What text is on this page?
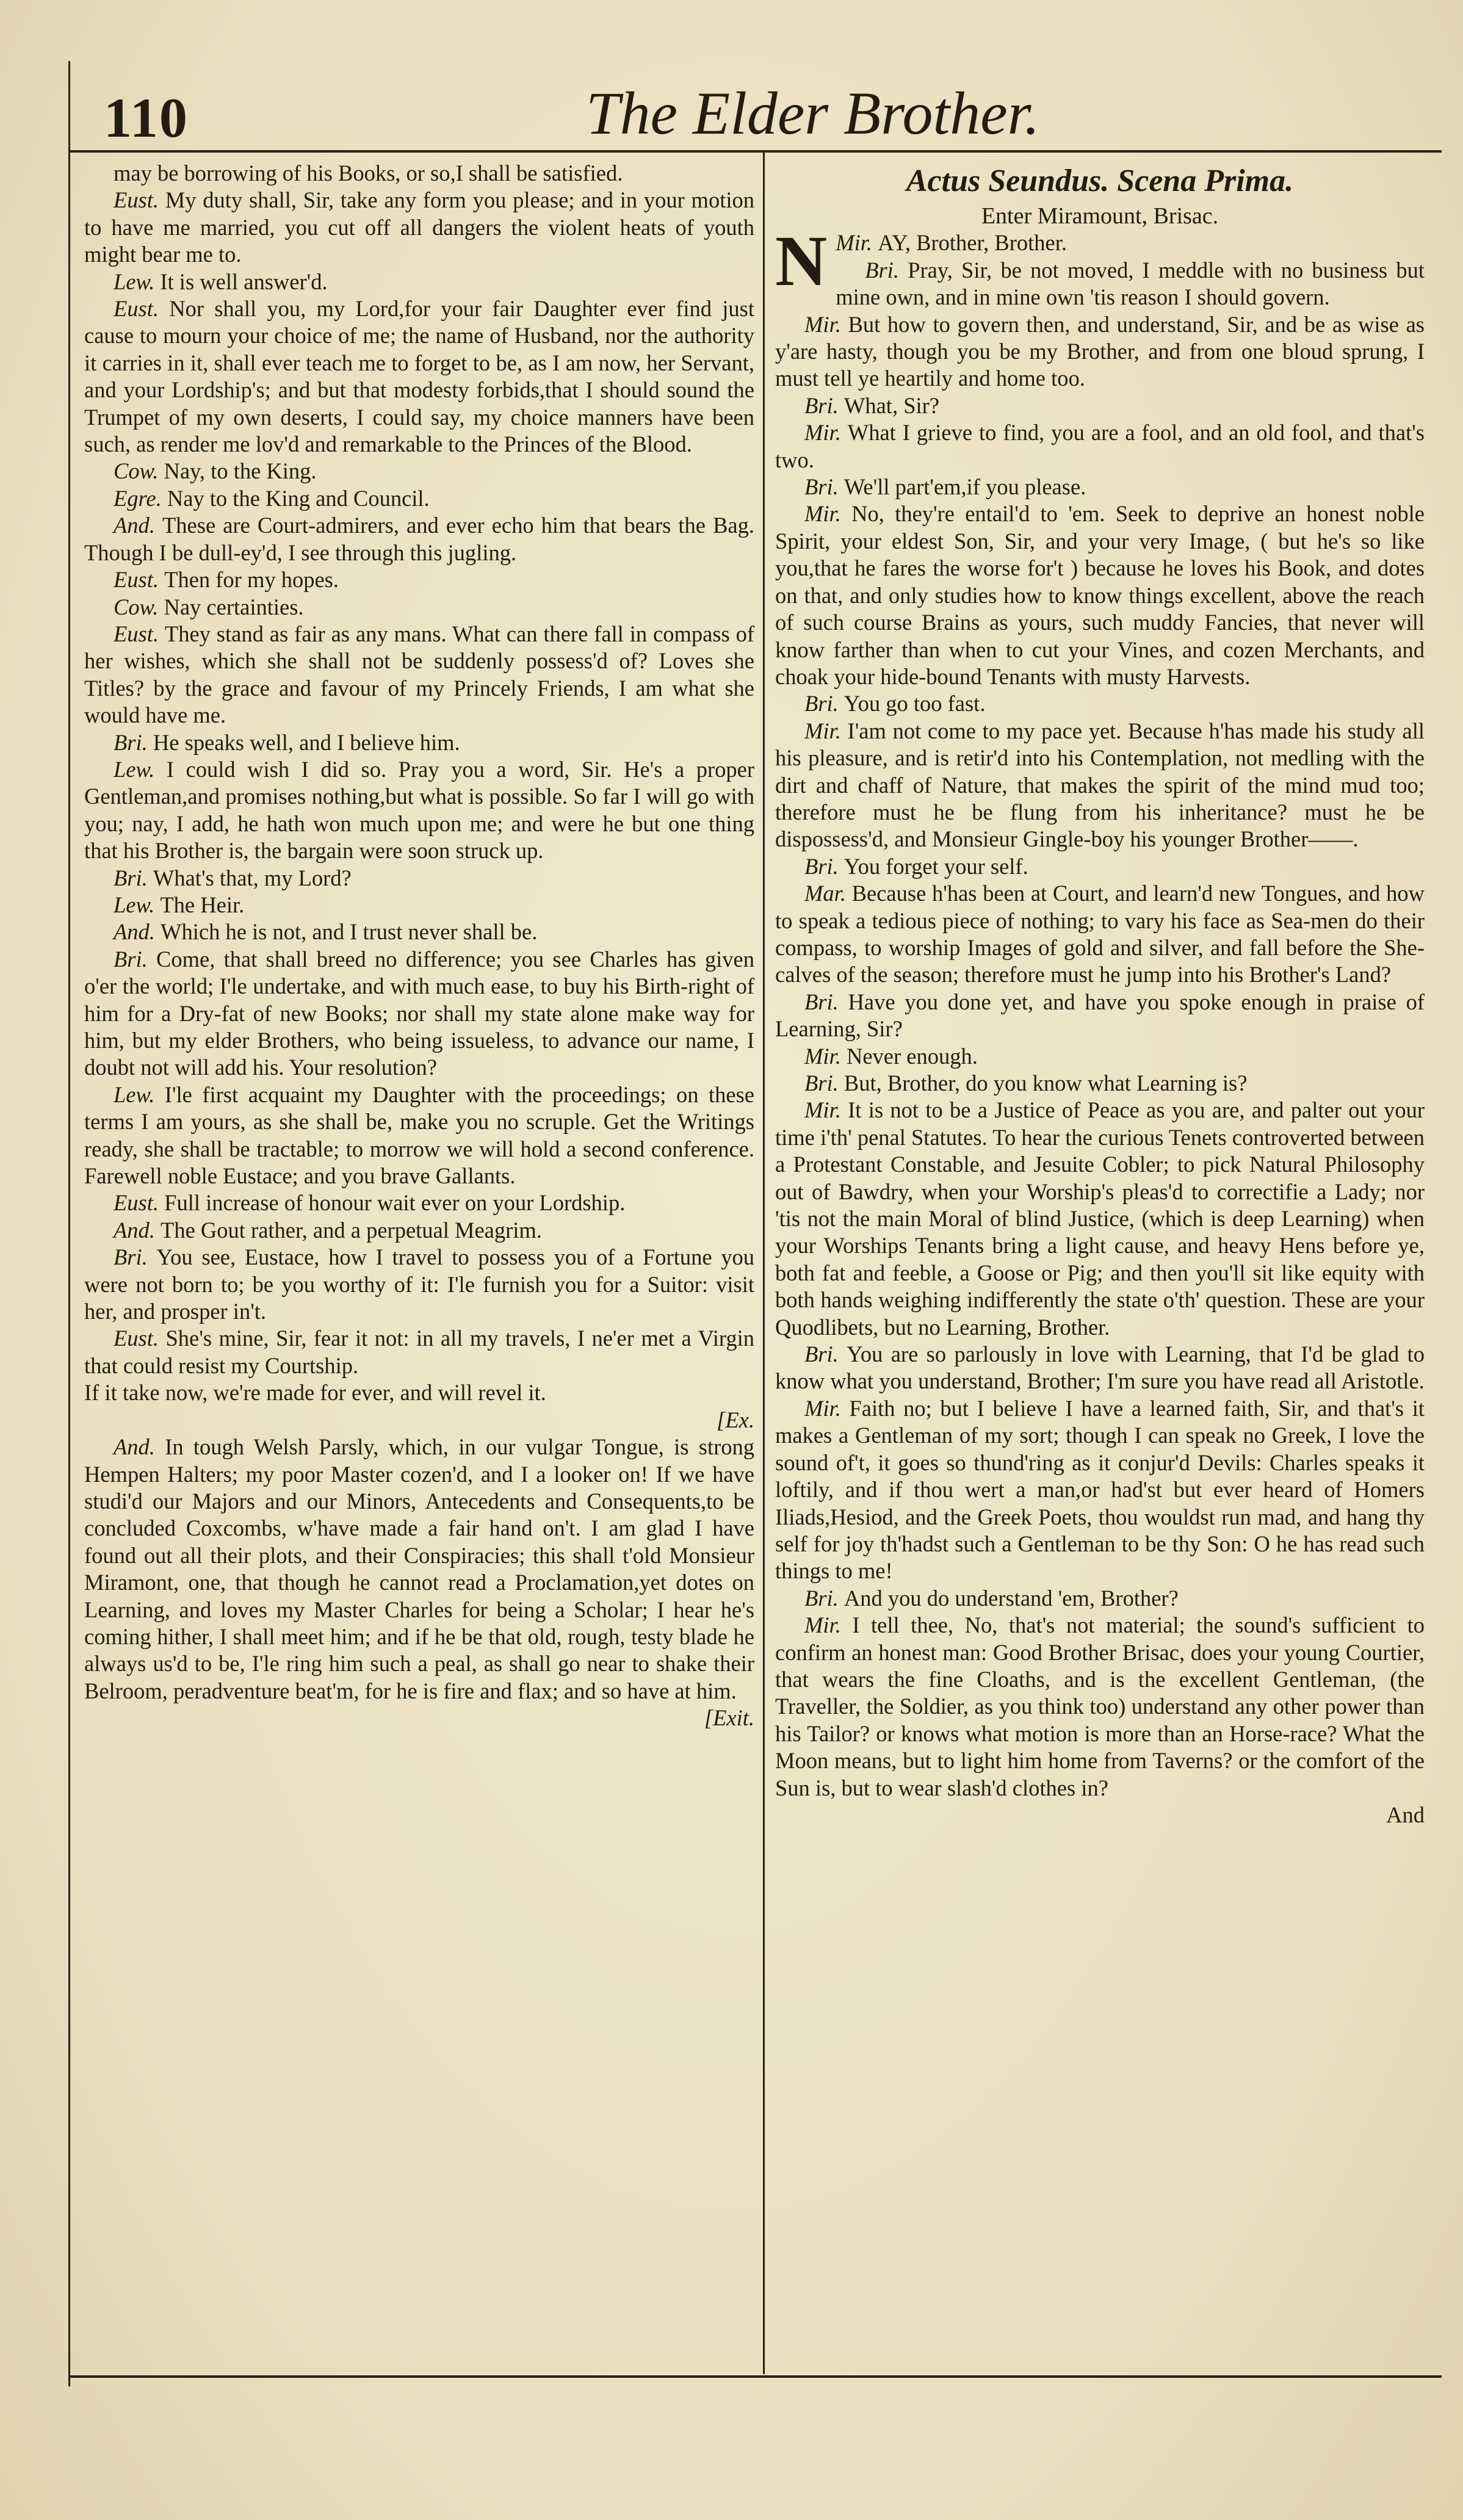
110	The Elder Brother.

may be borrowing of his Books, or so,I shall be satisfied.

Eust. My duty shall, Sir, take any form you please; and in your motion to have me married, you cut off all dangers the violent heats of youth might bear me to.

Lew. It is well answer'd.

Eust. Nor shall you, my Lord,for your fair Daughter ever find just cause to mourn your choice of me; the name of Husband, nor the authority it carries in it, shall ever teach me to forget to be, as I am now, her Servant, and your Lordship's; and but that modesty forbids,that I should sound the Trumpet of my own deserts, I could say, my choice manners have been such, as render me lov'd and remarkable to the Princes of the Blood.

Cow. Nay, to the King.

Egre. Nay to the King and Council.

And. These are Court-admirers, and ever echo him that bears the Bag. Though I be dull-ey'd, I see through this jugling.

Eust. Then for my hopes.

Cow. Nay certainties.

Eust. They stand as fair as any mans. What can there fall in compass of her wishes, which she shall not be suddenly possess'd of? Loves she Titles? by the grace and favour of my Princely Friends, I am what she would have me.

Bri. He speaks well, and I believe him.

Lew. I could wish I did so. Pray you a word, Sir. He's a proper Gentleman,and promises nothing,but what is possible. So far I will go with you; nay, I add, he hath won much upon me; and were he but one thing that his Brother is, the bargain were soon struck up.

Bri. What's that, my Lord?

Lew. The Heir.

And. Which he is not, and I trust never shall be.

Bri. Come, that shall breed no difference; you see Charles has given o'er the world; I'le undertake, and with much ease, to buy his Birth-right of him for a Dry-fat of new Books; nor shall my state alone make way for him, but my elder Brothers, who being issueless, to advance our name, I doubt not will add his. Your resolution?

Lew. I'le first acquaint my Daughter with the proceedings; on these terms I am yours, as she shall be, make you no scruple. Get the Writings ready, she shall be tractable; to morrow we will hold a second conference. Farewell noble Eustace; and you brave Gallants.

Eust. Full increase of honour wait ever on your Lordship.

And. The Gout rather, and a perpetual Meagrim.

Bri. You see, Eustace, how I travel to possess you of a Fortune you were not born to; be you worthy of it: I'le furnish you for a Suitor: visit her, and prosper in't.

Eust. She's mine, Sir, fear it not: in all my travels, I ne'er met a Virgin that could resist my Courtship.

If it take now, we're made for ever, and will revel it.

[Ex.

And. In tough Welsh Parsly, which, in our vulgar Tongue, is strong Hempen Halters; my poor Master cozen'd, and I a looker on! If we have studi'd our Majors and our Minors, Antecedents and Consequents,to be concluded Coxcombs, w'have made a fair hand on't. I am glad I have found out all their plots, and their Conspiracies; this shall t'old Monsieur Miramont, one, that though he cannot read a Proclamation,yet dotes on Learning, and loves my Master Charles for being a Scholar; I hear he's coming hither, I shall meet him; and if he be that old, rough, testy blade he always us'd to be, I'le ring him such a peal, as shall go near to shake their Belroom, peradventure beat'm, for he is fire and flax; and so have at him.

[Exit.

Actus Seundus. Scena Prima.

Enter Miramount, Brisac.

Mir.
N AY, Brother, Brother.

Bri. Pray, Sir, be not moved, I meddle with no business but mine own, and in mine own 'tis reason I should govern.

Mir. But how to govern then, and understand, Sir, and be as wise as y'are hasty, though you be my Brother, and from one bloud sprung, I must tell ye heartily and home too.

Bri. What, Sir?

Mir. What I grieve to find, you are a fool, and an old fool, and that's two.

Bri. We'll part'em,if you please.

Mir. No, they're entail'd to 'em. Seek to deprive an honest noble Spirit, your eldest Son, Sir, and your very Image, ( but he's so like you,that he fares the worse for't ) because he loves his Book, and dotes on that, and only studies how to know things excellent, above the reach of such course Brains as yours, such muddy Fancies, that never will know farther than when to cut your Vines, and cozen Merchants, and choak your hide-bound Tenants with musty Harvests.

Bri. You go too fast.

Mir. I'am not come to my pace yet. Because h'has made his study all his pleasure, and is retir'd into his Contemplation, not medling with the dirt and chaff of Nature, that makes the spirit of the mind mud too; therefore must he be flung from his inheritance? must he be dispossess'd, and Monsieur Gingle-boy his younger Brother——.

Bri. You forget your self.

Mar. Because h'has been at Court, and learn'd new Tongues, and how to speak a tedious piece of nothing; to vary his face as Sea-men do their compass, to worship Images of gold and silver, and fall before the She-calves of the season; therefore must he jump into his Brother's Land?

Bri. Have you done yet, and have you spoke enough in praise of Learning, Sir?

Mir. Never enough.

Bri. But, Brother, do you know what Learning is?

Mir. It is not to be a Justice of Peace as you are, and palter out your time i'th' penal Statutes. To hear the curious Tenets controverted between a Protestant Constable, and Jesuite Cobler; to pick Natural Philosophy out of Bawdry, when your Worship's pleas'd to correctifie a Lady; nor 'tis not the main Moral of blind Justice, (which is deep Learning) when your Worships Tenants bring a light cause, and heavy Hens before ye, both fat and feeble, a Goose or Pig; and then you'll sit like equity with both hands weighing indifferently the state o'th' question. These are your Quodlibets, but no Learning, Brother.

Bri. You are so parlously in love with Learning, that I'd be glad to know what you understand, Brother; I'm sure you have read all Aristotle.

Mir. Faith no; but I believe I have a learned faith, Sir, and that's it makes a Gentleman of my sort; though I can speak no Greek, I love the sound of't, it goes so thund'ring as it conjur'd Devils: Charles speaks it loftily, and if thou wert a man,or had'st but ever heard of Homers Iliads,Hesiod, and the Greek Poets, thou wouldst run mad, and hang thy self for joy th'hadst such a Gentleman to be thy Son: O he has read such things to me!

Bri. And you do understand 'em, Brother?

Mir. I tell thee, No, that's not material; the sound's sufficient to confirm an honest man: Good Brother Brisac, does your young Courtier, that wears the fine Cloaths, and is the excellent Gentleman, (the Traveller, the Soldier, as you think too) understand any other power than his Tailor? or knows what motion is more than an Horse-race? What the Moon means, but to light him home from Taverns? or the comfort of the Sun is, but to wear slash'd clothes in?

And
